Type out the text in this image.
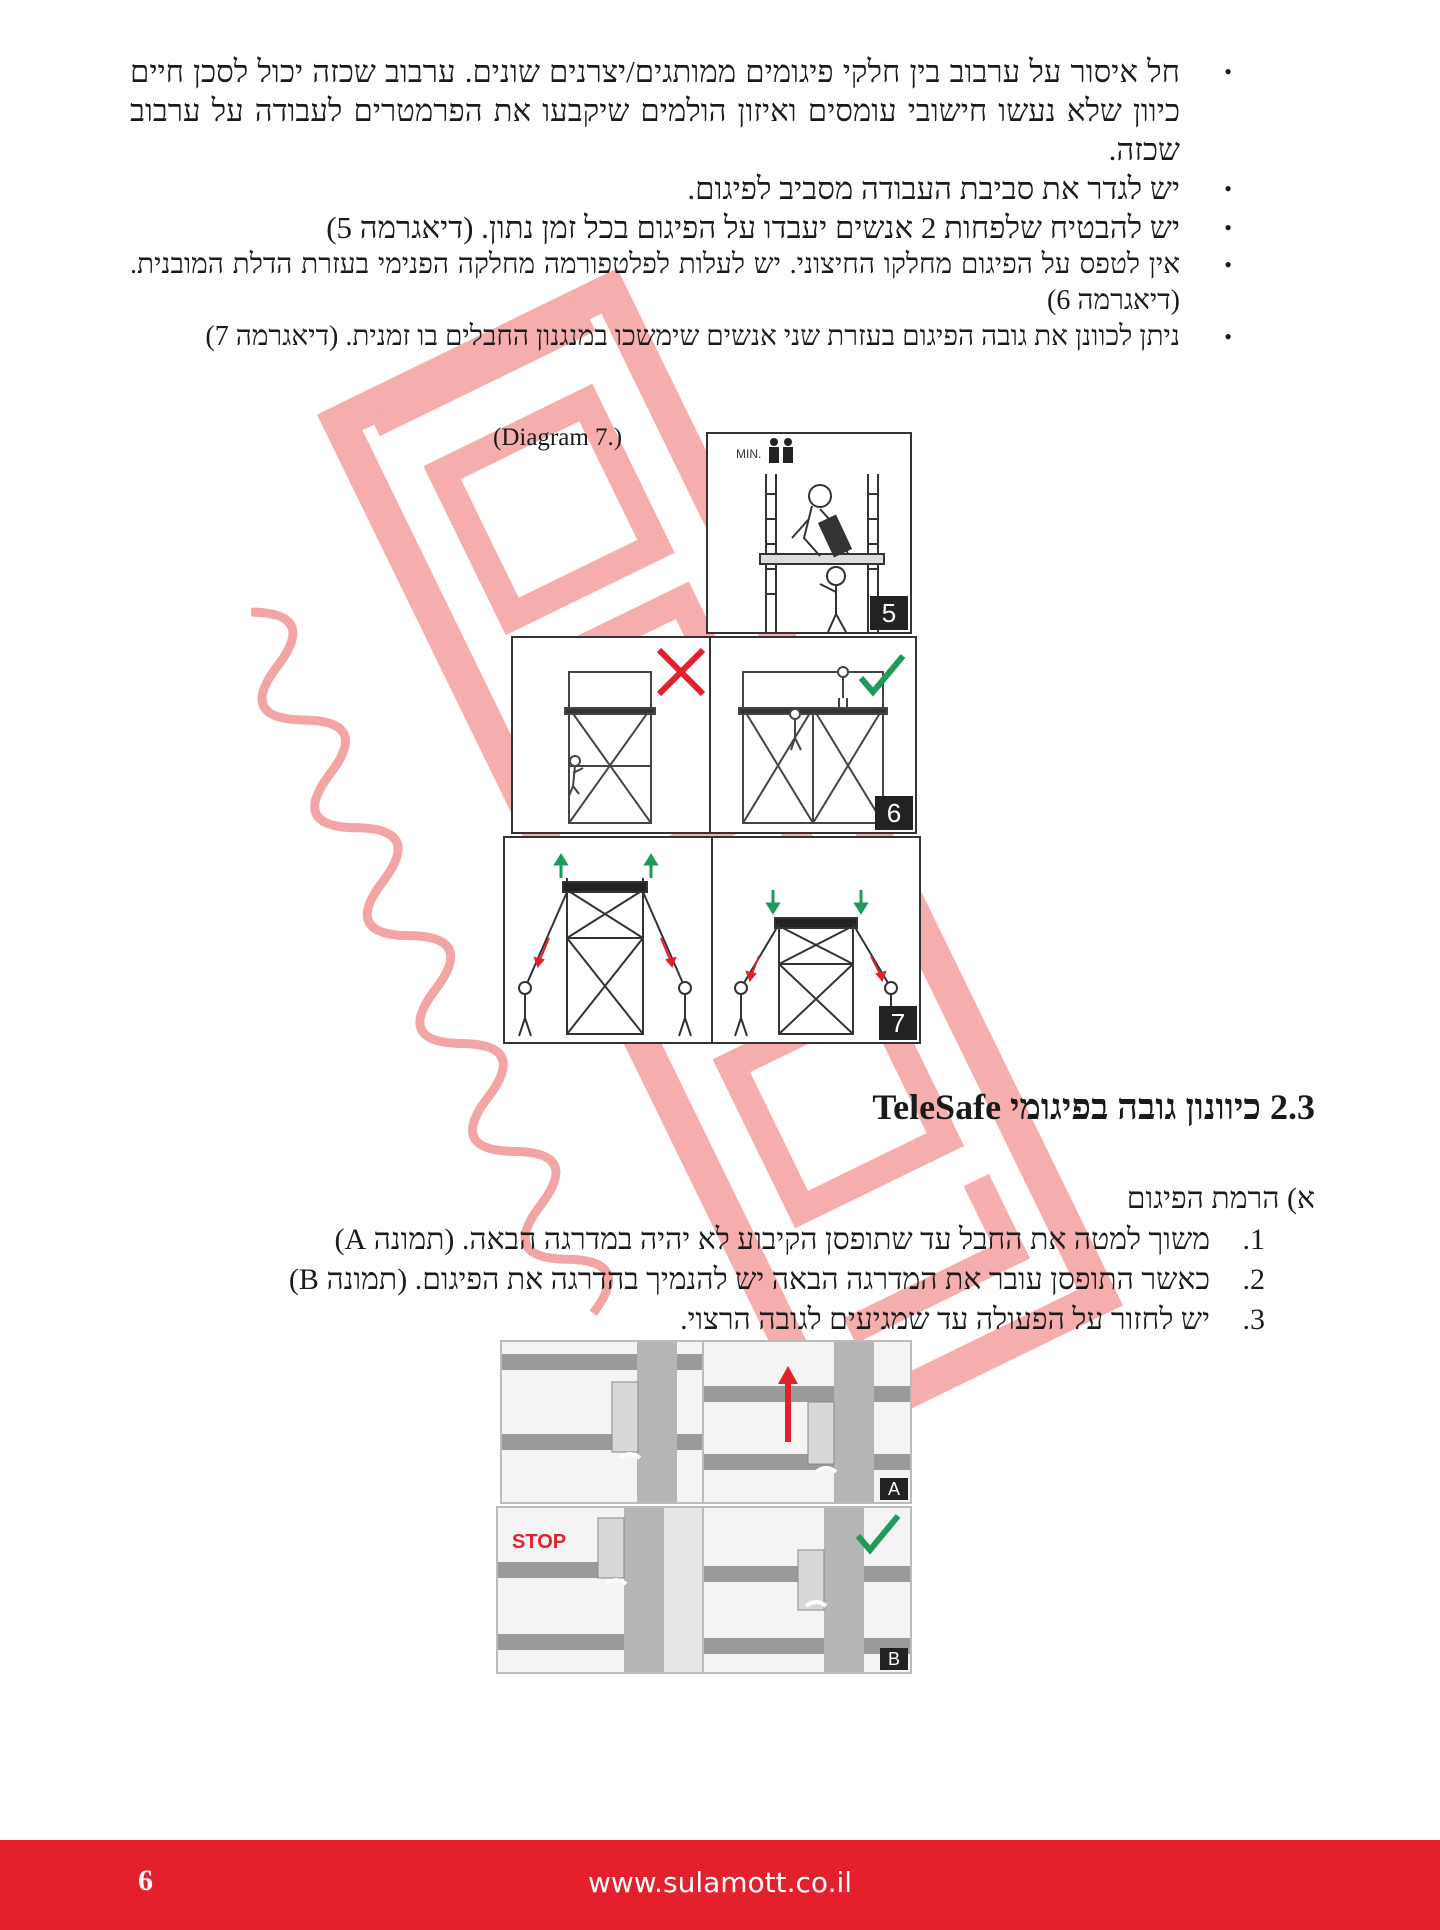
•
חל איסור על ערבוב בין חלקי פיגומים ממותגים/יצרנים שונים. ערבוב שכזה יכול לסכן חיים כיוון שלא נעשו חישובי עומסים ואיזון הולמים שיקבעו את הפרמטרים לעבודה על ערבוב שכזה.
•
יש לגדר את סביבת העבודה מסביב לפיגום.
•
יש להבטיח שלפחות 2 אנשים יעבדו על הפיגום בכל זמן נתון. (דיאגרמה 5)
•
אין לטפס על הפיגום מחלקו החיצוני. יש לעלות לפלטפורמה מחלקה הפנימי בעזרת הדלת המובנית. (דיאגרמה 6)
•
ניתן לכוונן את גובה הפיגום בעזרת שני אנשים שימשכו במנגנון החבלים בו זמנית. (דיאגרמה 7)
(Diagram 7.)
MIN.
5
6
7
2.3 כיוונון גובה בפיגומי TeleSafe
א) הרמת הפיגום
1.
משוך למטה את החבל עד שתופסן הקיבוע לא יהיה במדרגה הבאה. (תמונה A)
2.
כאשר התופסן עובר את המדרגה הבאה יש להנמיך בהדרגה את הפיגום. (תמונה B)
3.
יש לחזור על הפעולה עד שמגיעים לגובה הרצוי.
A
STOP
B
6	www.sulamott.co.il
